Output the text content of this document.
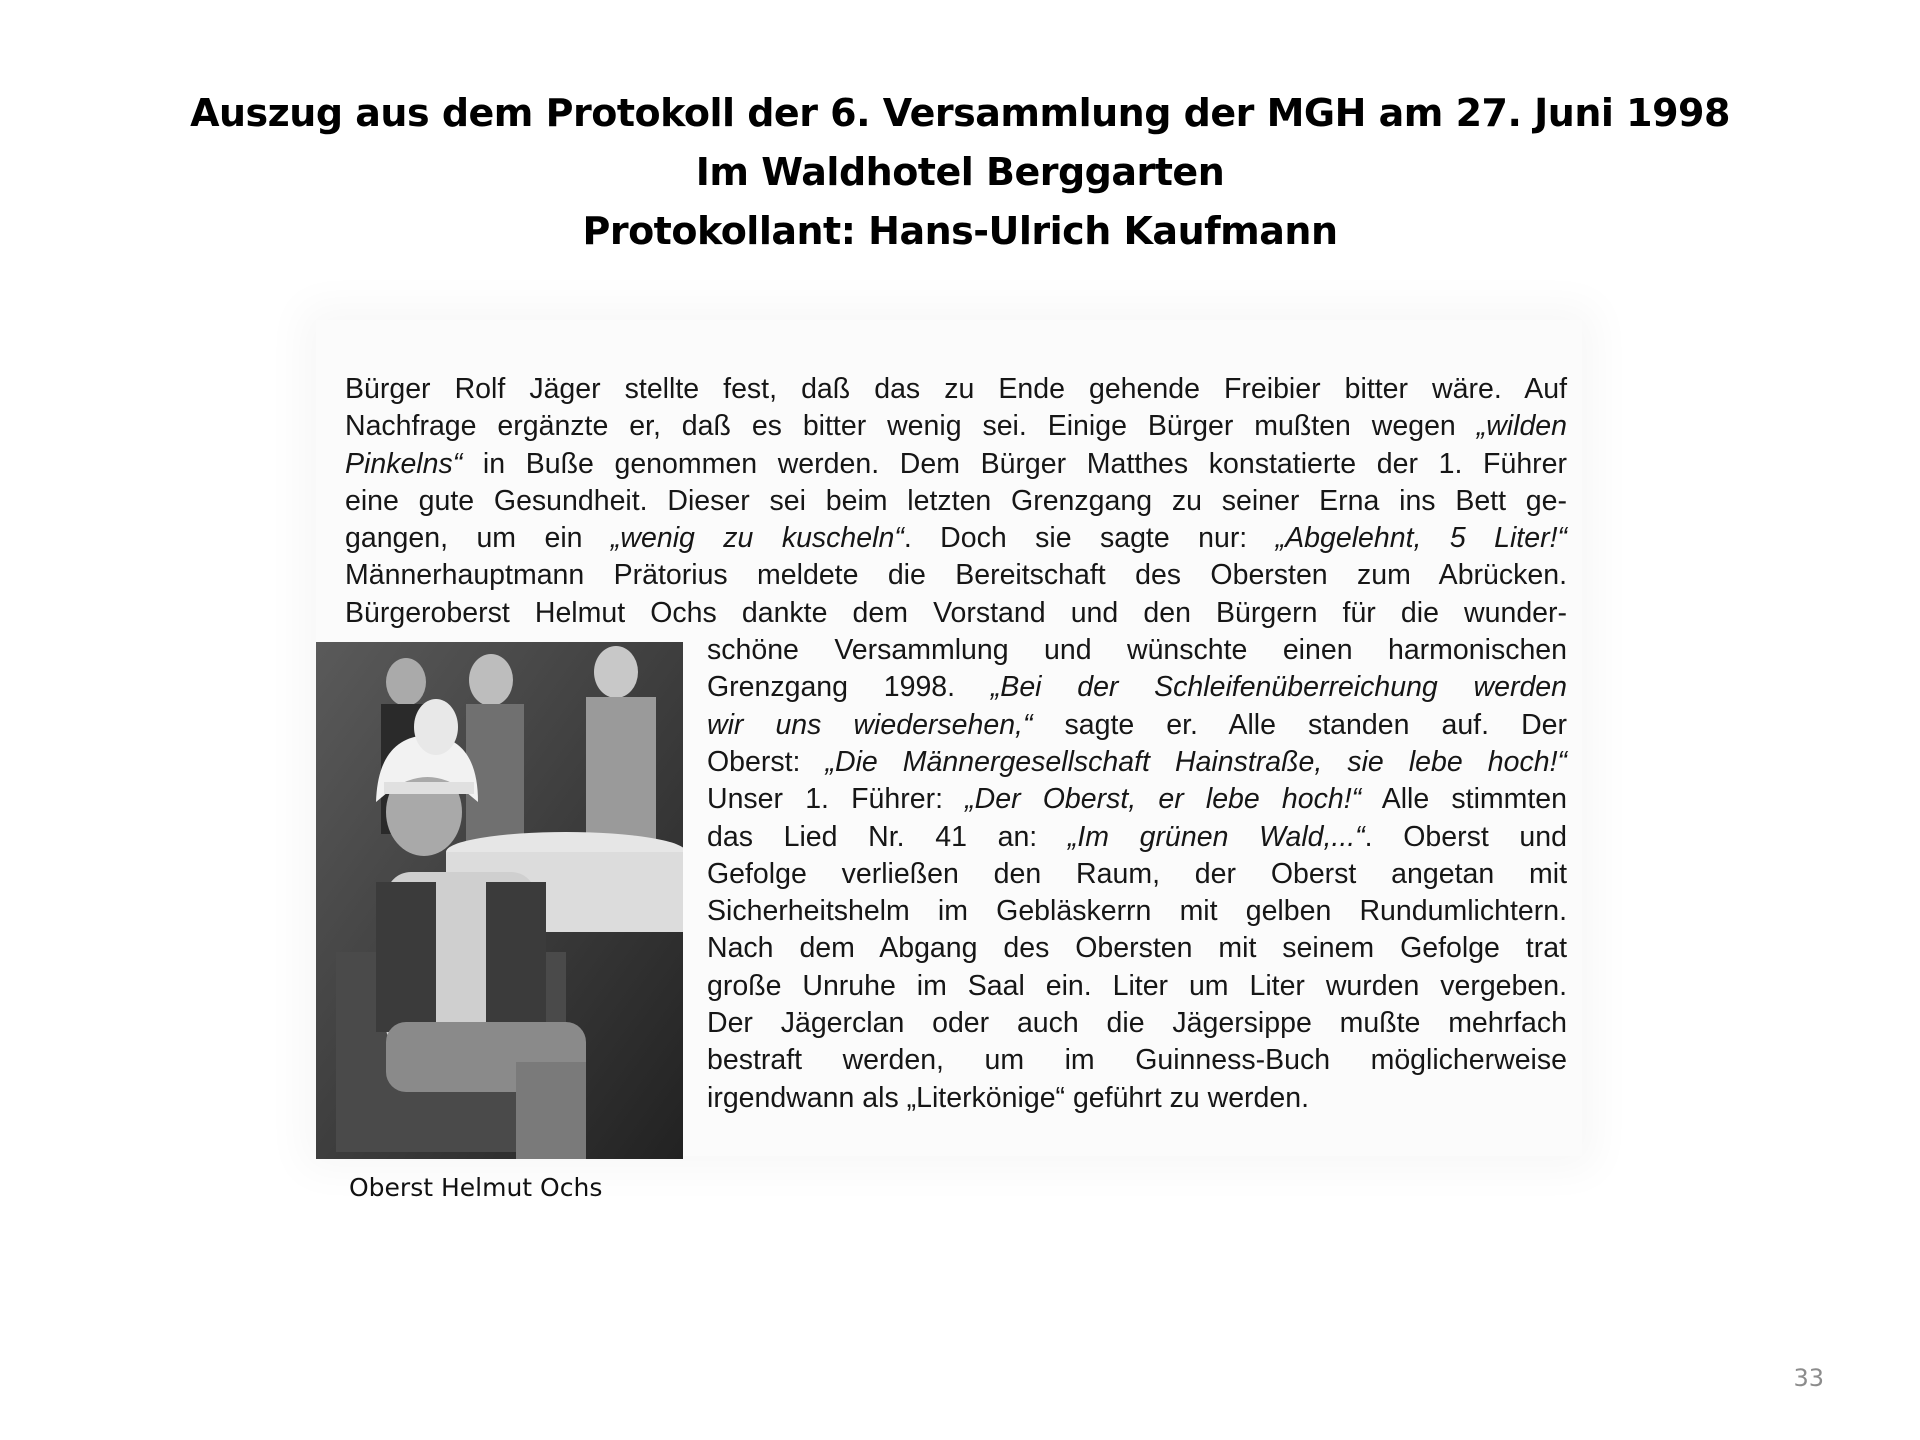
Auszug aus dem Protokoll der 6. Versammlung der MGH am 27. Juni 1998
Im Waldhotel Berggarten
Protokollant: Hans-Ulrich Kaufmann
Bürger Rolf Jäger stellte fest, daß das zu Ende gehende Freibier bitter wäre. Auf
Nachfrage ergänzte er, daß es bitter wenig sei. Einige Bürger mußten wegen „wilden
Pinkelns“ in Buße genommen werden. Dem Bürger Matthes konstatierte der 1. Führer
eine gute Gesundheit. Dieser sei beim letzten Grenzgang zu seiner Erna ins Bett ge-
gangen, um ein „wenig zu kuscheln“. Doch sie sagte nur: „Abgelehnt, 5 Liter!“
Männerhauptmann Prätorius meldete die Bereitschaft des Obersten zum Abrücken.
Bürgeroberst Helmut Ochs dankte dem Vorstand und den Bürgern für die wunder-
schöne Versammlung und wünschte einen harmonischen
Grenzgang 1998. „Bei der Schleifenüberreichung werden
wir uns wiedersehen,“ sagte er. Alle standen auf. Der
Oberst: „Die Männergesellschaft Hainstraße, sie lebe hoch!“
Unser 1. Führer: „Der Oberst, er lebe hoch!“ Alle stimmten
das Lied Nr. 41 an: „Im grünen Wald,...“. Oberst und
Gefolge verließen den Raum, der Oberst angetan mit
Sicherheitshelm im Gebläskerrn mit gelben Rundumlichtern.
Nach dem Abgang des Obersten mit seinem Gefolge trat
große Unruhe im Saal ein. Liter um Liter wurden vergeben.
Der Jägerclan oder auch die Jägersippe mußte mehrfach
bestraft werden, um im Guinness-Buch möglicherweise
irgendwann als „Literkönige“ geführt zu werden.
Oberst Helmut Ochs
33
